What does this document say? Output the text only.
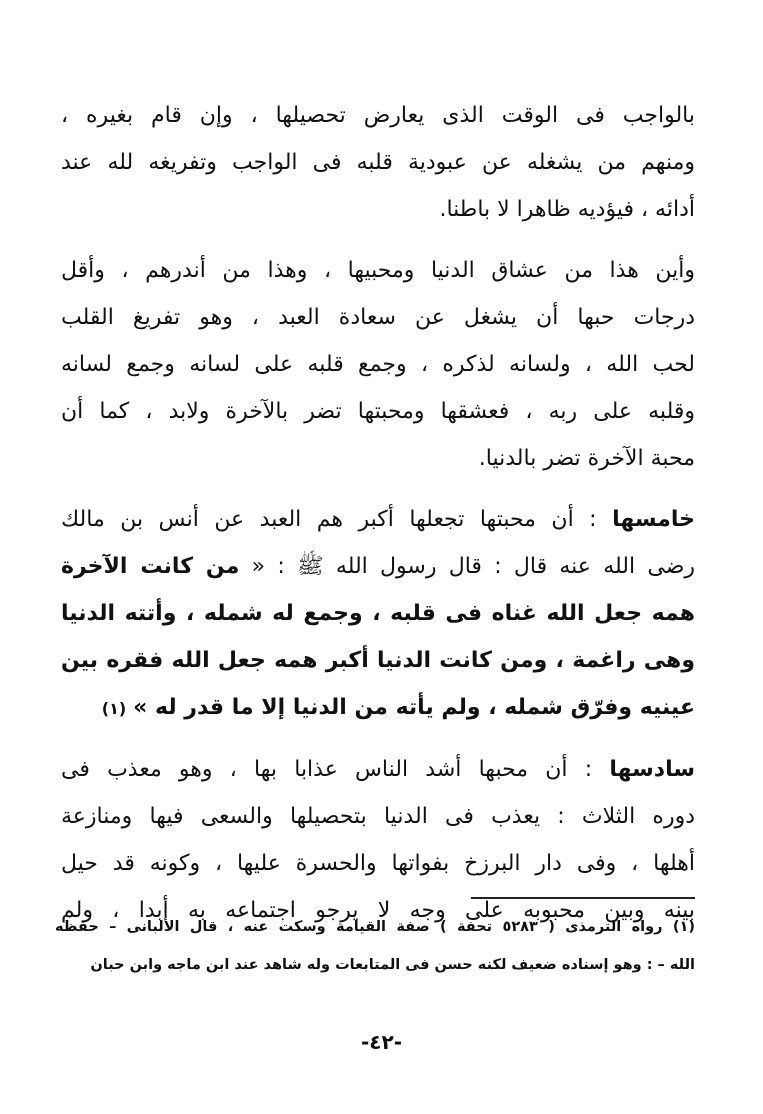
بالواجب فى الوقت الذى يعارض تحصيلها ، وإن قام بغيره ،
ومنهم من يشغله عن عبودية قلبه فى الواجب وتفريغه لله عند
أدائه ، فيؤديه ظاهرا لا باطنا.
وأين هذا من عشاق الدنيا ومحبيها ، وهذا من أندرهم ، وأقل
درجات حبها أن يشغل عن سعادة العبد ، وهو تفريغ القلب
لحب الله ، ولسانه لذكره ، وجمع قلبه على لسانه وجمع لسانه
وقلبه على ربه ، فعشقها ومحبتها تضر بالآخرة ولابد ، كما أن
محبة الآخرة تضر بالدنيا.
خامسها : أن محبتها تجعلها أكبر هم العبد عن أنس بن مالك
رضى الله عنه قال : قال رسول الله ﷺ : « من كانت الآخرة
همه جعل الله غناه فى قلبه ، وجمع له شمله ، وأتته الدنيا
وهى راغمة ، ومن كانت الدنيا أكبر همه جعل الله فقره بين
عينيه وفرّق شمله ، ولم يأته من الدنيا إلا ما قدر له » (١)
سادسها : أن محبها أشد الناس عذابا بها ، وهو معذب فى
دوره الثلاث : يعذب فى الدنيا بتحصيلها والسعى فيها ومنازعة
أهلها ، وفى دار البرزخ بفواتها والحسرة عليها ، وكونه قد حيل
بينه وبين محبوبه على وجه لا يرجو اجتماعه به أبدا ، ولم
(١) رواه الترمذى ( ٥٢٨٣ تحفة ) صفة القيامة وسكت عنه ، قال الألبانى – حفظه
الله – : وهو إسناده ضعيف لكنه حسن فى المتابعات وله شاهد عند ابن ماجه وابن حبان
-٤٢-
